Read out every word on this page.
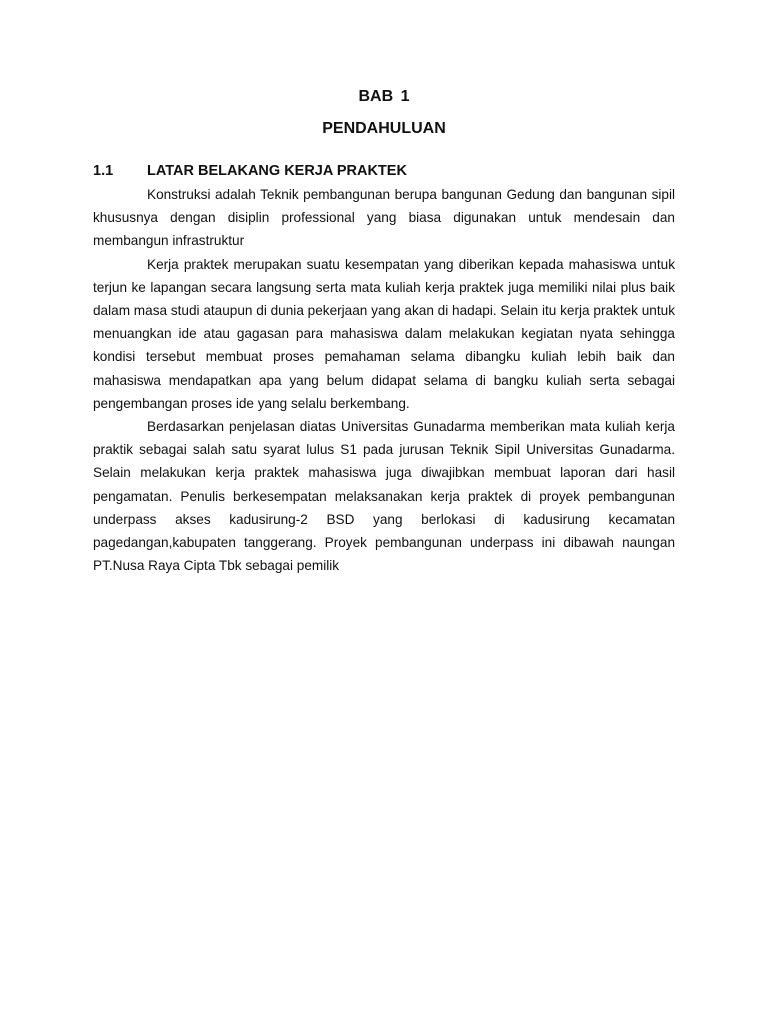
BAB 1
PENDAHULUAN
1.1 LATAR BELAKANG KERJA PRAKTEK

Konstruksi adalah Teknik pembangunan berupa bangunan Gedung dan bangunan sipil khususnya dengan disiplin professional yang biasa digunakan untuk mendesain dan membangun infrastruktur

Kerja praktek merupakan suatu kesempatan yang diberikan kepada mahasiswa untuk terjun ke lapangan secara langsung serta mata kuliah kerja praktek juga memiliki nilai plus baik dalam masa studi ataupun di dunia pekerjaan yang akan di hadapi. Selain itu kerja praktek untuk menuangkan ide atau gagasan para mahasiswa dalam melakukan kegiatan nyata sehingga kondisi tersebut membuat proses pemahaman selama dibangku kuliah lebih baik dan mahasiswa mendapatkan apa yang belum didapat selama di bangku kuliah serta sebagai pengembangan proses ide yang selalu berkembang.

Berdasarkan penjelasan diatas Universitas Gunadarma memberikan mata kuliah kerja praktik sebagai salah satu syarat lulus S1 pada jurusan Teknik Sipil Universitas Gunadarma. Selain melakukan kerja praktek mahasiswa juga diwajibkan membuat laporan dari hasil pengamatan. Penulis berkesempatan melaksanakan kerja praktek di proyek pembangunan underpass akses kadusirung-2 BSD yang berlokasi di kadusirung kecamatan pagedangan,kabupaten tanggerang. Proyek pembangunan underpass ini dibawah naungan PT.Nusa Raya Cipta Tbk sebagai pemilik
